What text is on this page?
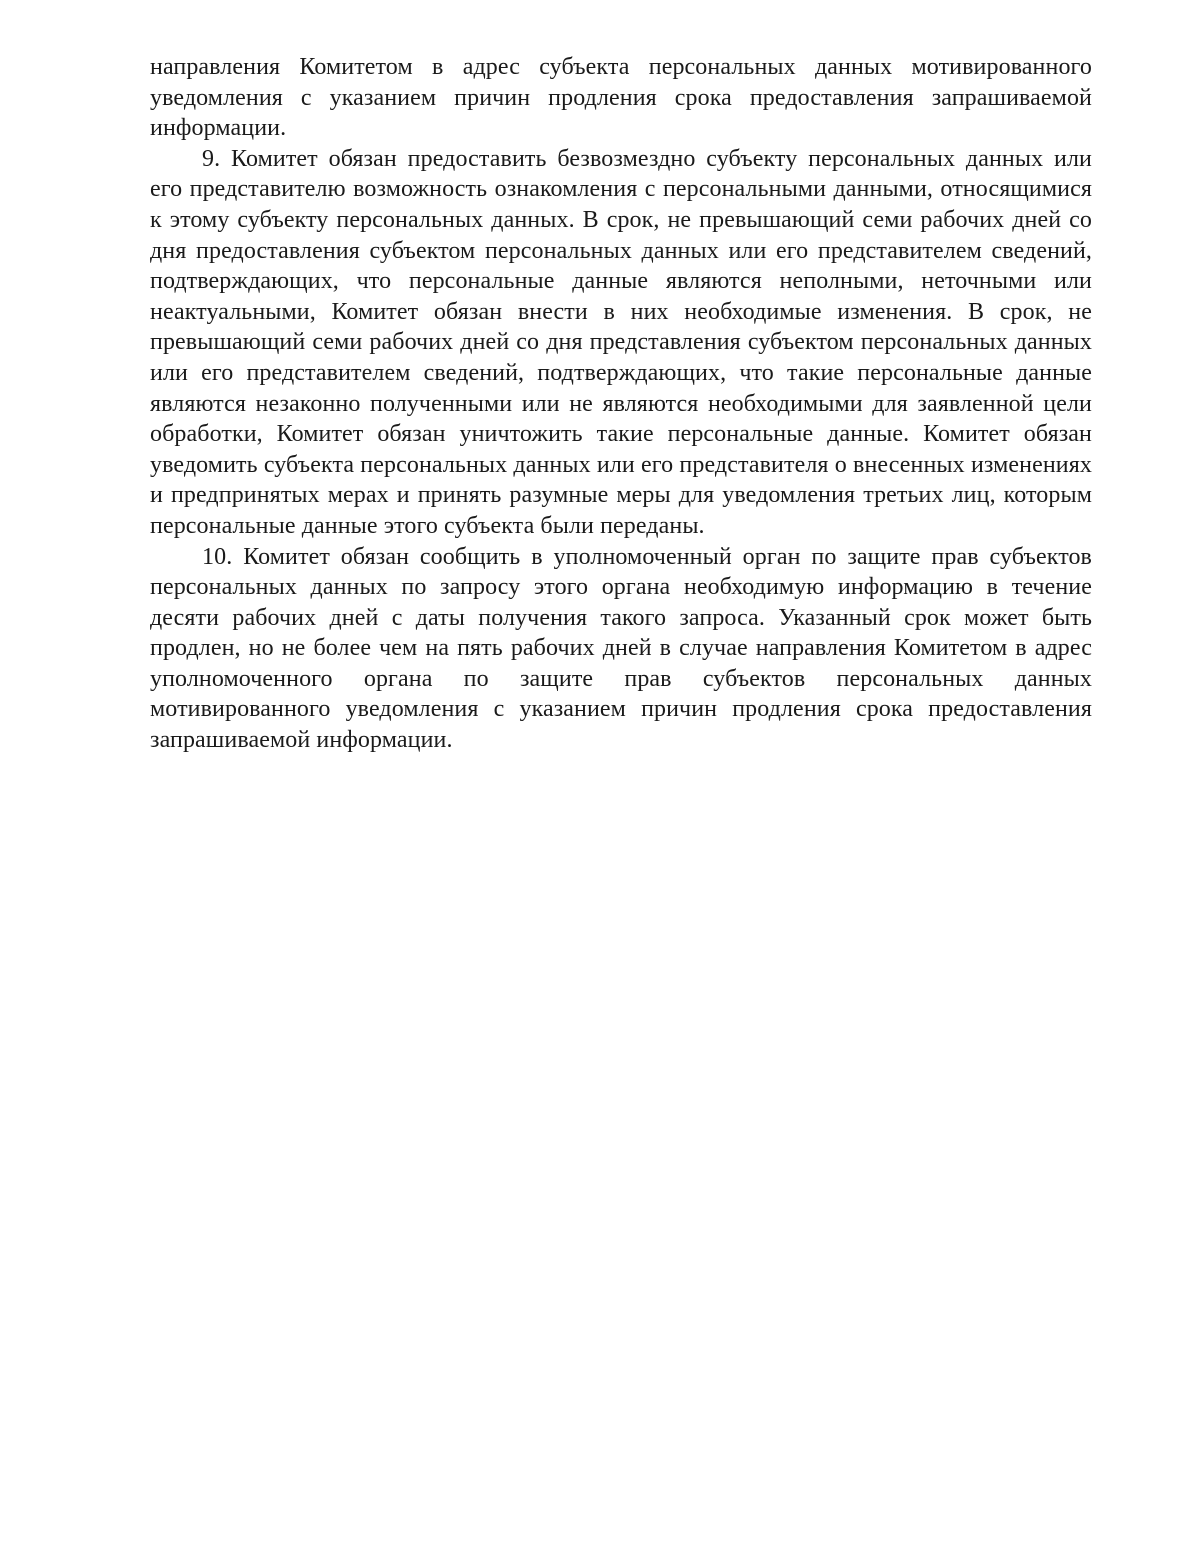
направления Комитетом в адрес субъекта персональных данных мотивированного уведомления с указанием причин продления срока предоставления запрашиваемой информации.

9. Комитет обязан предоставить безвозмездно субъекту персональных данных или его представителю возможность ознакомления с персональными данными, относящимися к этому субъекту персональных данных. В срок, не превышающий семи рабочих дней со дня предоставления субъектом персональных данных или его представителем сведений, подтверждающих, что персональные данные являются неполными, неточными или неактуальными, Комитет обязан внести в них необходимые изменения. В срок, не превышающий семи рабочих дней со дня представления субъектом персональных данных или его представителем сведений, подтверждающих, что такие персональные данные являются незаконно полученными или не являются необходимыми для заявленной цели обработки, Комитет обязан уничтожить такие персональные данные. Комитет обязан уведомить субъекта персональных данных или его представителя о внесенных изменениях и предпринятых мерах и принять разумные меры для уведомления третьих лиц, которым персональные данные этого субъекта были переданы.

10. Комитет обязан сообщить в уполномоченный орган по защите прав субъектов персональных данных по запросу этого органа необходимую информацию в течение десяти рабочих дней с даты получения такого запроса. Указанный срок может быть продлен, но не более чем на пять рабочих дней в случае направления Комитетом в адрес уполномоченного органа по защите прав субъектов персональных данных мотивированного уведомления с указанием причин продления срока предоставления запрашиваемой информации.
